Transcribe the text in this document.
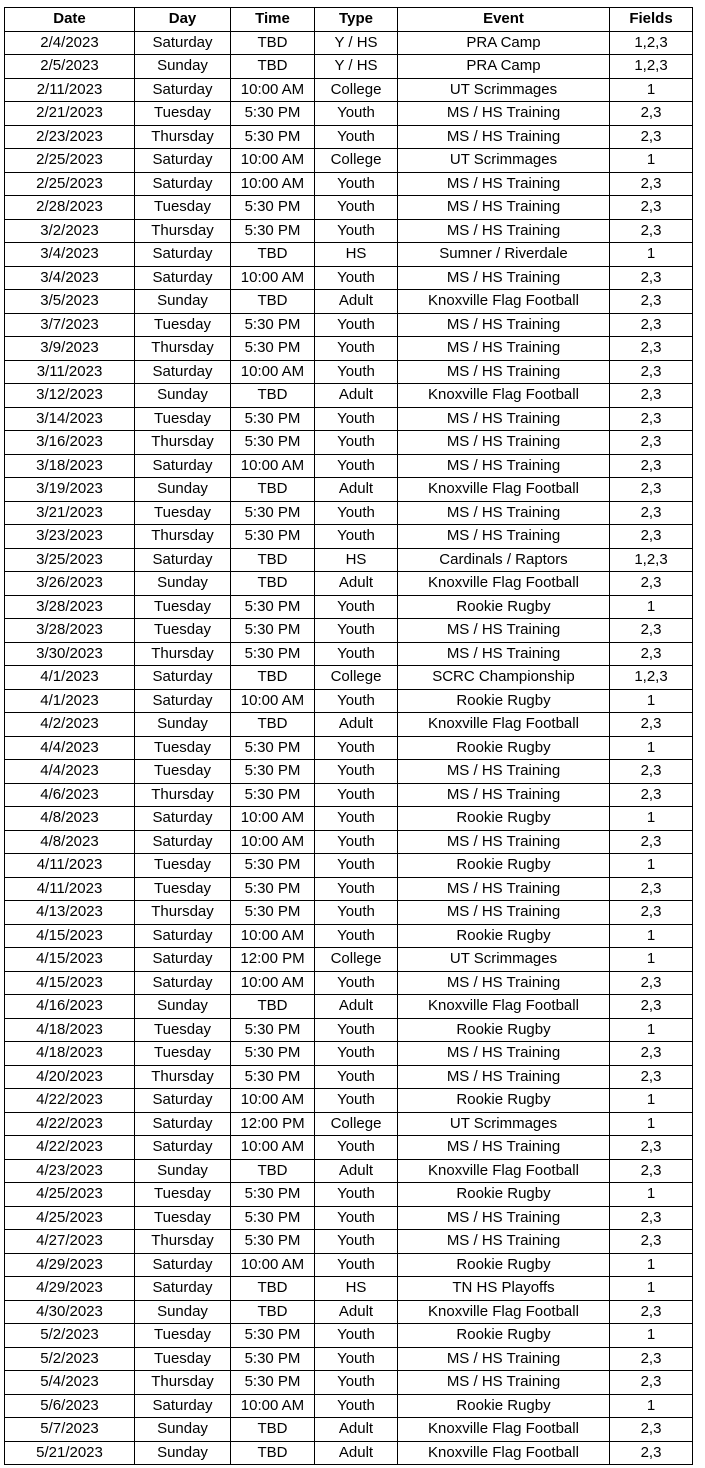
Date	Day	Time	Type	Event	Fields
2/4/2023	Saturday	TBD	Y / HS	PRA Camp	1,2,3
2/5/2023	Sunday	TBD	Y / HS	PRA Camp	1,2,3
2/11/2023	Saturday	10:00 AM	College	UT Scrimmages	1
2/21/2023	Tuesday	5:30 PM	Youth	MS / HS Training	2,3
2/23/2023	Thursday	5:30 PM	Youth	MS / HS Training	2,3
2/25/2023	Saturday	10:00 AM	College	UT Scrimmages	1
2/25/2023	Saturday	10:00 AM	Youth	MS / HS Training	2,3
2/28/2023	Tuesday	5:30 PM	Youth	MS / HS Training	2,3
3/2/2023	Thursday	5:30 PM	Youth	MS / HS Training	2,3
3/4/2023	Saturday	TBD	HS	Sumner / Riverdale	1
3/4/2023	Saturday	10:00 AM	Youth	MS / HS Training	2,3
3/5/2023	Sunday	TBD	Adult	Knoxville Flag Football	2,3
3/7/2023	Tuesday	5:30 PM	Youth	MS / HS Training	2,3
3/9/2023	Thursday	5:30 PM	Youth	MS / HS Training	2,3
3/11/2023	Saturday	10:00 AM	Youth	MS / HS Training	2,3
3/12/2023	Sunday	TBD	Adult	Knoxville Flag Football	2,3
3/14/2023	Tuesday	5:30 PM	Youth	MS / HS Training	2,3
3/16/2023	Thursday	5:30 PM	Youth	MS / HS Training	2,3
3/18/2023	Saturday	10:00 AM	Youth	MS / HS Training	2,3
3/19/2023	Sunday	TBD	Adult	Knoxville Flag Football	2,3
3/21/2023	Tuesday	5:30 PM	Youth	MS / HS Training	2,3
3/23/2023	Thursday	5:30 PM	Youth	MS / HS Training	2,3
3/25/2023	Saturday	TBD	HS	Cardinals / Raptors	1,2,3
3/26/2023	Sunday	TBD	Adult	Knoxville Flag Football	2,3
3/28/2023	Tuesday	5:30 PM	Youth	Rookie Rugby	1
3/28/2023	Tuesday	5:30 PM	Youth	MS / HS Training	2,3
3/30/2023	Thursday	5:30 PM	Youth	MS / HS Training	2,3
4/1/2023	Saturday	TBD	College	SCRC Championship	1,2,3
4/1/2023	Saturday	10:00 AM	Youth	Rookie Rugby	1
4/2/2023	Sunday	TBD	Adult	Knoxville Flag Football	2,3
4/4/2023	Tuesday	5:30 PM	Youth	Rookie Rugby	1
4/4/2023	Tuesday	5:30 PM	Youth	MS / HS Training	2,3
4/6/2023	Thursday	5:30 PM	Youth	MS / HS Training	2,3
4/8/2023	Saturday	10:00 AM	Youth	Rookie Rugby	1
4/8/2023	Saturday	10:00 AM	Youth	MS / HS Training	2,3
4/11/2023	Tuesday	5:30 PM	Youth	Rookie Rugby	1
4/11/2023	Tuesday	5:30 PM	Youth	MS / HS Training	2,3
4/13/2023	Thursday	5:30 PM	Youth	MS / HS Training	2,3
4/15/2023	Saturday	10:00 AM	Youth	Rookie Rugby	1
4/15/2023	Saturday	12:00 PM	College	UT Scrimmages	1
4/15/2023	Saturday	10:00 AM	Youth	MS / HS Training	2,3
4/16/2023	Sunday	TBD	Adult	Knoxville Flag Football	2,3
4/18/2023	Tuesday	5:30 PM	Youth	Rookie Rugby	1
4/18/2023	Tuesday	5:30 PM	Youth	MS / HS Training	2,3
4/20/2023	Thursday	5:30 PM	Youth	MS / HS Training	2,3
4/22/2023	Saturday	10:00 AM	Youth	Rookie Rugby	1
4/22/2023	Saturday	12:00 PM	College	UT Scrimmages	1
4/22/2023	Saturday	10:00 AM	Youth	MS / HS Training	2,3
4/23/2023	Sunday	TBD	Adult	Knoxville Flag Football	2,3
4/25/2023	Tuesday	5:30 PM	Youth	Rookie Rugby	1
4/25/2023	Tuesday	5:30 PM	Youth	MS / HS Training	2,3
4/27/2023	Thursday	5:30 PM	Youth	MS / HS Training	2,3
4/29/2023	Saturday	10:00 AM	Youth	Rookie Rugby	1
4/29/2023	Saturday	TBD	HS	TN HS Playoffs	1
4/30/2023	Sunday	TBD	Adult	Knoxville Flag Football	2,3
5/2/2023	Tuesday	5:30 PM	Youth	Rookie Rugby	1
5/2/2023	Tuesday	5:30 PM	Youth	MS / HS Training	2,3
5/4/2023	Thursday	5:30 PM	Youth	MS / HS Training	2,3
5/6/2023	Saturday	10:00 AM	Youth	Rookie Rugby	1
5/7/2023	Sunday	TBD	Adult	Knoxville Flag Football	2,3
5/21/2023	Sunday	TBD	Adult	Knoxville Flag Football	2,3
